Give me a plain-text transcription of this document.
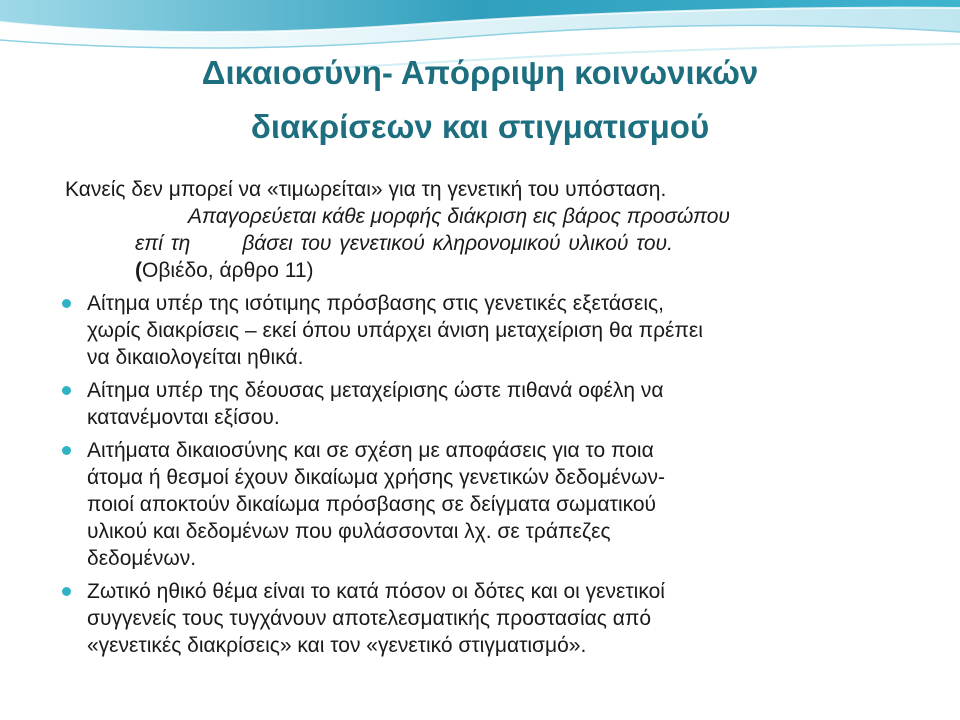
Δικαιοσύνη- Απόρριψη κοινωνικών
διακρίσεων και στιγματισμού
Κανείς δεν μπορεί να «τιμωρείται» για τη γενετική του υπόσταση.
Απαγορεύεται κάθε μορφής διάκριση εις βάρος προσώπου
επί τη βάσει του γενετικού κληρονομικού υλικού του.
(Οβιέδο, άρθρο 11)
Αίτημα υπέρ της ισότιμης πρόσβασης στις γενετικές εξετάσεις,
χωρίς διακρίσεις – εκεί όπου υπάρχει άνιση μεταχείριση θα πρέπει
να δικαιολογείται ηθικά.
Αίτημα υπέρ της δέουσας μεταχείρισης ώστε πιθανά οφέλη να
κατανέμονται εξίσου.
Αιτήματα δικαιοσύνης και σε σχέση με αποφάσεις για το ποια
άτομα ή θεσμοί έχουν δικαίωμα χρήσης γενετικών δεδομένων-
ποιοί αποκτούν δικαίωμα πρόσβασης σε δείγματα σωματικού
υλικού και δεδομένων που φυλάσσονται λχ. σε τράπεζες
δεδομένων.
Ζωτικό ηθικό θέμα είναι το κατά πόσον οι δότες και οι γενετικοί
συγγενείς τους τυγχάνουν αποτελεσματικής προστασίας από
«γενετικές διακρίσεις» και τον «γενετικό στιγματισμό».
